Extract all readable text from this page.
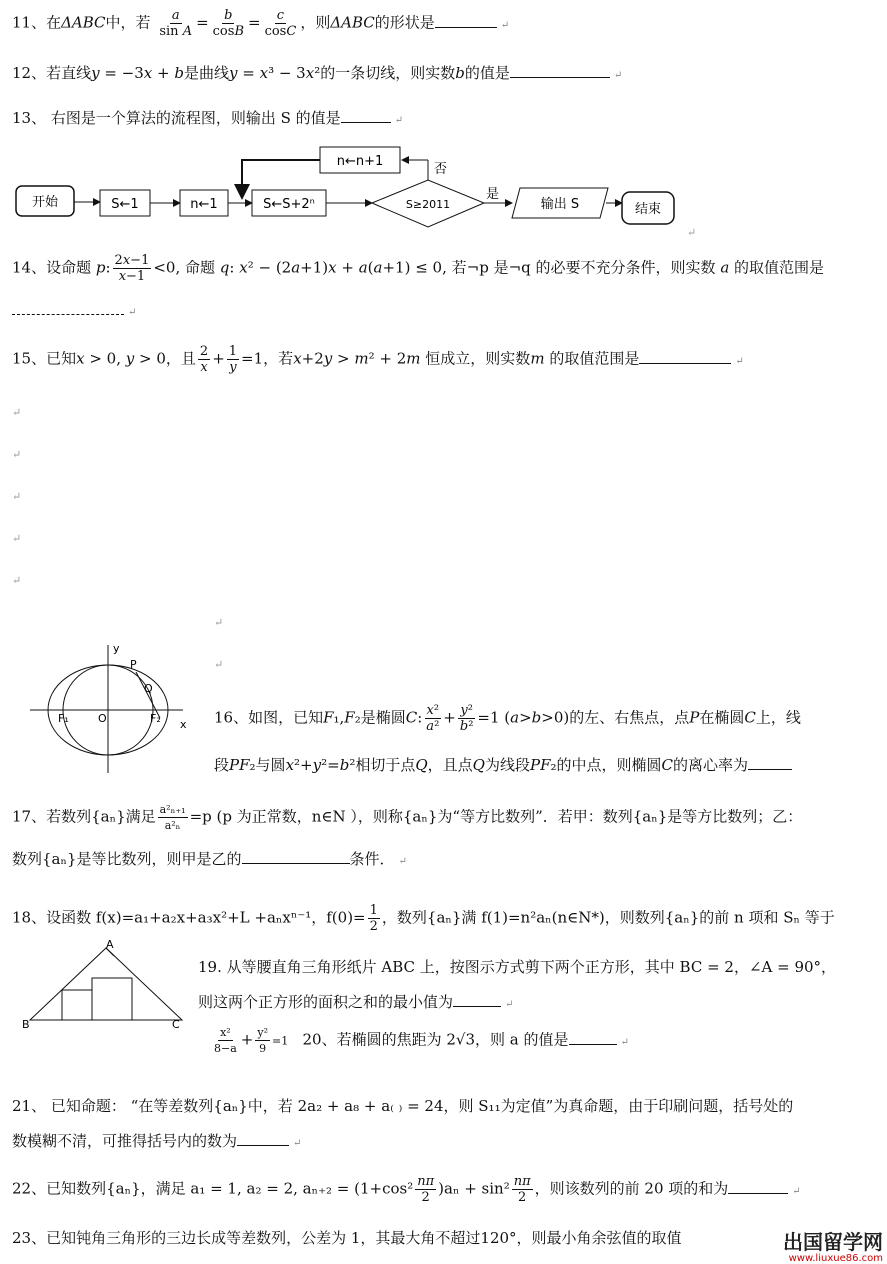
11、在ΔABC中，若 $\frac{a}{\text{sin A}} = \frac{b}{\cos B} = \frac{c}{\cos C}$ ，则ΔABC的形状是	↵
12、若直线y = −3x + b是曲线y = x³ − 3x²的一条切线，则实数b的值是	↵
13、 右图是一个算法的流程图，则输出 S 的值是	↵
开始	S←1	n←1	S←S+2ⁿ	S≥2011
否
n←n+1
是
输出 S	结束
↵
14、设命题 p: $\frac{2x-1}{x-1} <0$, 命题 q: x² − (2a+1)x + a(a+1) ≤ 0, 若¬p 是¬q 的必要不充分条件，则实数 a 的取值范围是
↵
15、已知x > 0, y > 0，且 $\frac{2}{x} + \frac{1}{y} =1$，若x+2y > m² + 2m 恒成立，则实数m 的取值范围是	↵
↵
↵
↵
↵
↵
↵
↵
y
x
P
Q
F₁	O	F₂	16、如图，已知F₁,F₂是椭圆C: $\frac{\text{x²}}{\text{a²}} + \frac{\text{y²}}{\text{b²}} =1$ (a>b>0)的左、右焦点，点P在椭圆C上，线
段PF₂与圆x²+y²=b²相切于点Q，且点Q为线段PF₂的中点，则椭圆C的离心率为
17、若数列{aₙ}满足 $\frac{\text{a²ₙ₊₁}}{\text{a²ₙ}} =p$ (p 为正常数，n∈N ），则称{aₙ}为“等方比数列”．若甲：数列{aₙ}是等方比数列；乙：
数列{aₙ}是等比数列，则甲是乙的	条件． ↵
18、设函数 f(x)=a₁+a₂x+a₃x²+L +aₙxⁿ⁻¹，$f(0)= \frac{1}{2}$ ，数列{aₙ}满 f(1)=n²aₙ(n∈N*)，则数列{aₙ}的前 n 项和 Sₙ 等于
A
B	C
19. 从等腰直角三角形纸片 ABC 上，按图示方式剪下两个正方形，其中 BC = 2，∠A = 90°，
则这两个正方形的面积之和的最小值为	↵
$\frac{\text{x²}}{8-a} + \frac{\text{y²}}{9} =1$ 20、若椭圆的焦距为 2√3，则 a 的值是	↵
21、 已知命题： “在等差数列{aₙ}中，若 2a₂ + a₈ + a₍ ₎ = 24，则 S₁₁为定值”为真命题，由于印刷问题，括号处的
数模糊不清，可推得括号内的数为	↵
22、已知数列{aₙ}，满足 a₁ = 1, a₂ = 2, $a_{n+2} = (1+\cos^2 \frac{n\pi}{2} )a_n + \sin^2 \frac{n\pi}{2}$ ，则该数列的前 20 项的和为	↵
23、已知钝角三角形的三边长成等差数列，公差为 1，其最大角不超过120°，则最小角余弦值的取值	出国留学网
www.liuxue86.com
